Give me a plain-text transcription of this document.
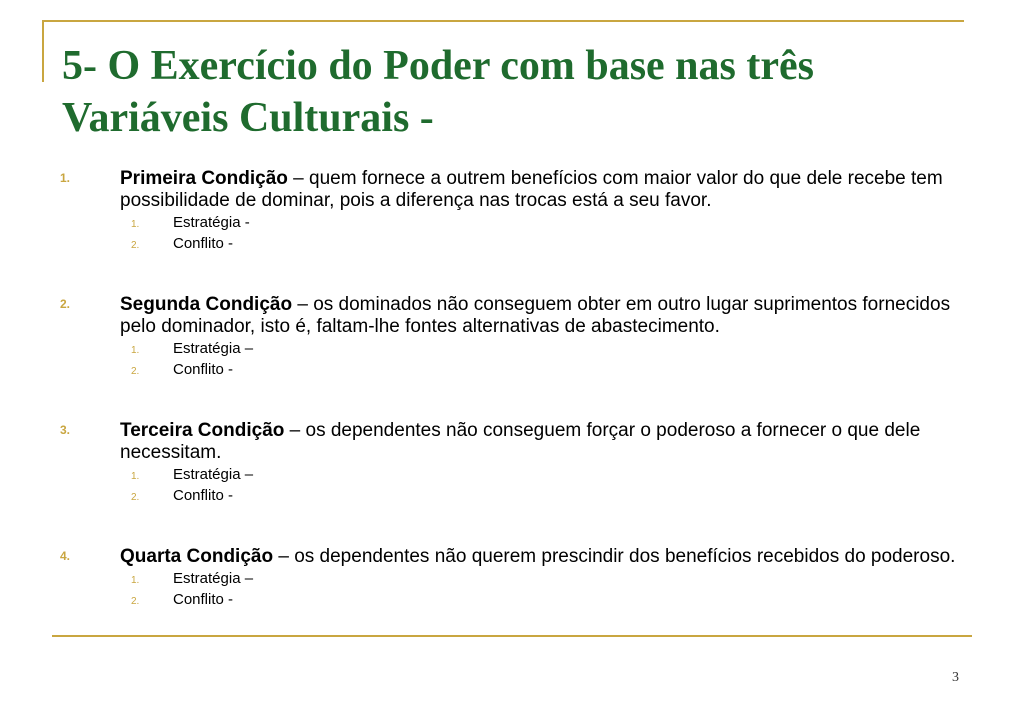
5- O Exercício do Poder com base nas três
Variáveis Culturais -
1.	Primeira Condição – quem fornece a outrem benefícios com maior valor do que dele recebe tem possibilidade de dominar, pois a diferença nas trocas está a seu favor.
1. Estratégia -
2. Conflito -
2.	Segunda Condição – os dominados não conseguem obter em outro lugar suprimentos fornecidos pelo dominador, isto é, faltam-lhe fontes alternativas de abastecimento.
1. Estratégia –
2. Conflito -
3.	Terceira Condição – os dependentes não conseguem forçar o poderoso a fornecer o que dele necessitam.
1. Estratégia –
2. Conflito -
4.	Quarta Condição – os dependentes não querem prescindir dos benefícios recebidos do poderoso.
1. Estratégia –
2. Conflito -
3
